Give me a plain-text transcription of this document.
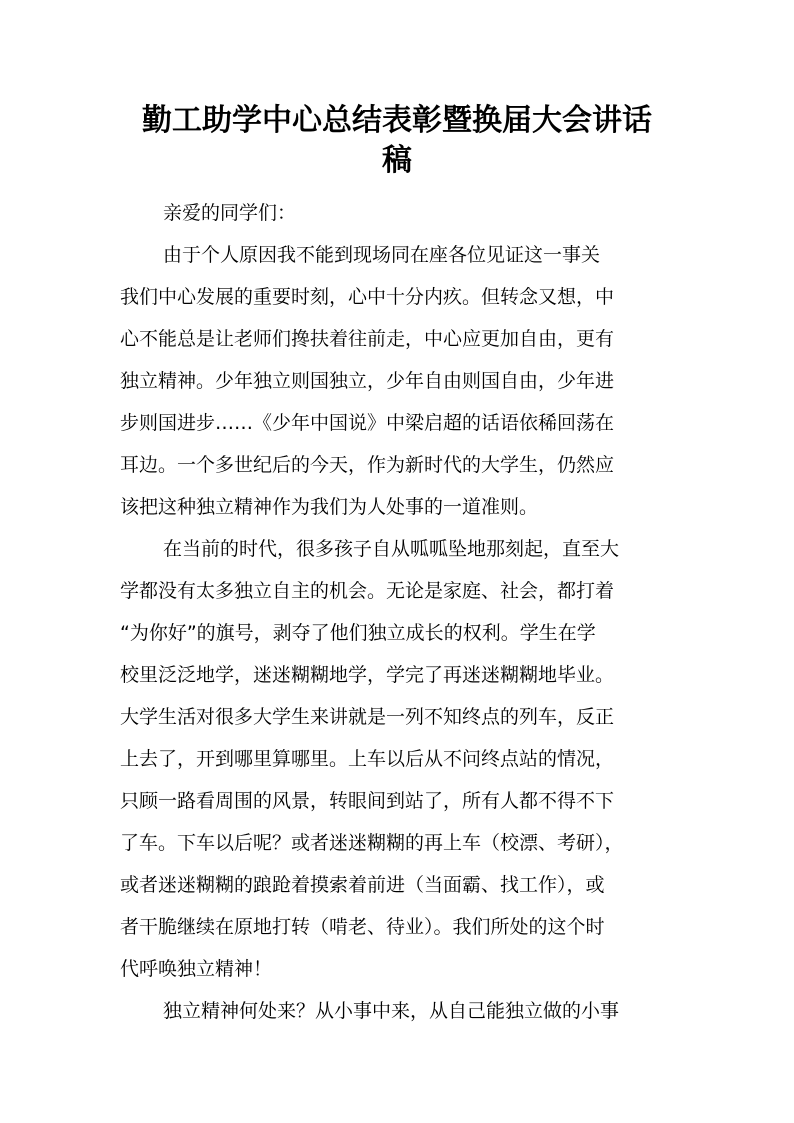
勤工助学中心总结表彰暨换届大会讲话
稿

亲爱的同学们：

由于个人原因我不能到现场同在座各位见证这一事关

我们中心发展的重要时刻，心中十分内疚。但转念又想，中

心不能总是让老师们搀扶着往前走，中心应更加自由，更有

独立精神。少年独立则国独立，少年自由则国自由，少年进

步则国进步……《少年中国说》中梁启超的话语依稀回荡在

耳边。一个多世纪后的今天，作为新时代的大学生，仍然应

该把这种独立精神作为我们为人处事的一道准则。

在当前的时代，很多孩子自从呱呱坠地那刻起，直至大

学都没有太多独立自主的机会。无论是家庭、社会，都打着

“为你好”的旗号，剥夺了他们独立成长的权利。学生在学

校里泛泛地学，迷迷糊糊地学，学完了再迷迷糊糊地毕业。

大学生活对很多大学生来讲就是一列不知终点的列车，反正

上去了，开到哪里算哪里。上车以后从不问终点站的情况，

只顾一路看周围的风景，转眼间到站了，所有人都不得不下

了车。下车以后呢？或者迷迷糊糊的再上车（校漂、考研），

或者迷迷糊糊的踉跄着摸索着前进（当面霸、找工作），或

者干脆继续在原地打转（啃老、待业）。我们所处的这个时

代呼唤独立精神！

独立精神何处来？从小事中来，从自己能独立做的小事
